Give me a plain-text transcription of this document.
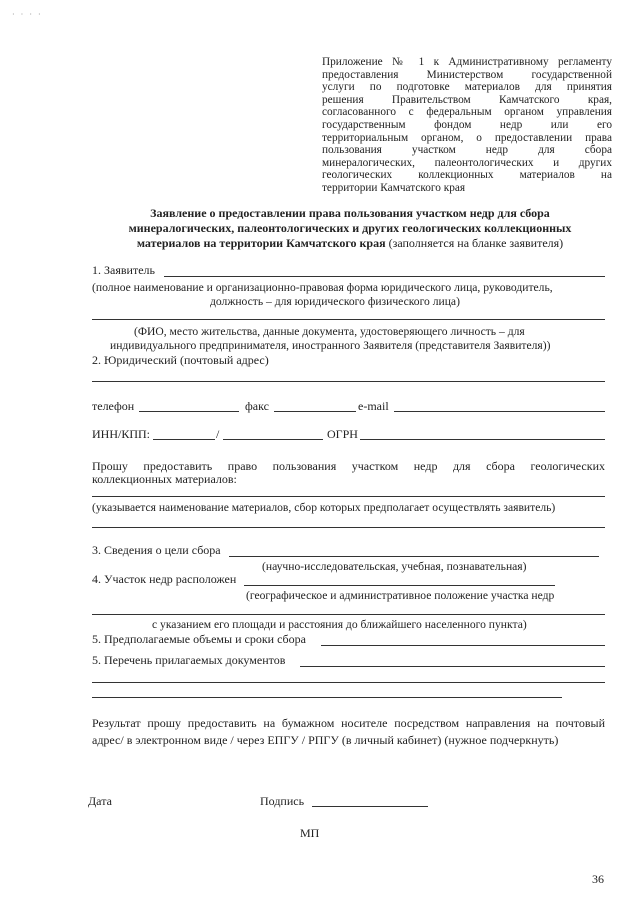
· · · ·
Приложение № 1 к Административному регламенту
предоставления Министерством государственной
услуги по подготовке материалов для принятия
решения Правительством Камчатского края,
согласованного с федеральным органом управления
государственным фондом недр или его
территориальным органом, о предоставлении права
пользования участком недр для сбора
минералогических, палеонтологических и других
геологических коллекционных материалов на
территории Камчатского края
Заявление о предоставлении права пользования участком недр для сбора
минералогических, палеонтологических и других геологических коллекционных
материалов на территории Камчатского края (заполняется на бланке заявителя)
1. Заявитель
(полное наименование и организационно-правовая форма юридического лица, руководитель,
должность – для юридического физического лица)
(ФИО, место жительства, данные документа, удостоверяющего личность – для
индивидуального предпринимателя, иностранного Заявителя (представителя Заявителя))
2. Юридический (почтовый адрес)
телефон	факс	e-mail
ИНН/КПП:	/	ОГРН
Прошу предоставить право пользования участком недр для сбора геологических
коллекционных материалов:
(указывается наименование материалов, сбор которых предполагает осуществлять заявитель)
3. Сведения о цели сбора
(научно-исследовательская, учебная, познавательная)
4. Участок недр расположен
(географическое и административное положение участка недр
с указанием его площади и расстояния до ближайшего населенного пункта)
5. Предполагаемые объемы и сроки сбора
5. Перечень прилагаемых документов
Результат прошу предоставить на бумажном носителе посредством направления на почтовый
адрес/ в электронном виде / через ЕПГУ / РПГУ (в личный кабинет) (нужное подчеркнуть)
Дата	Подпись
МП
36
